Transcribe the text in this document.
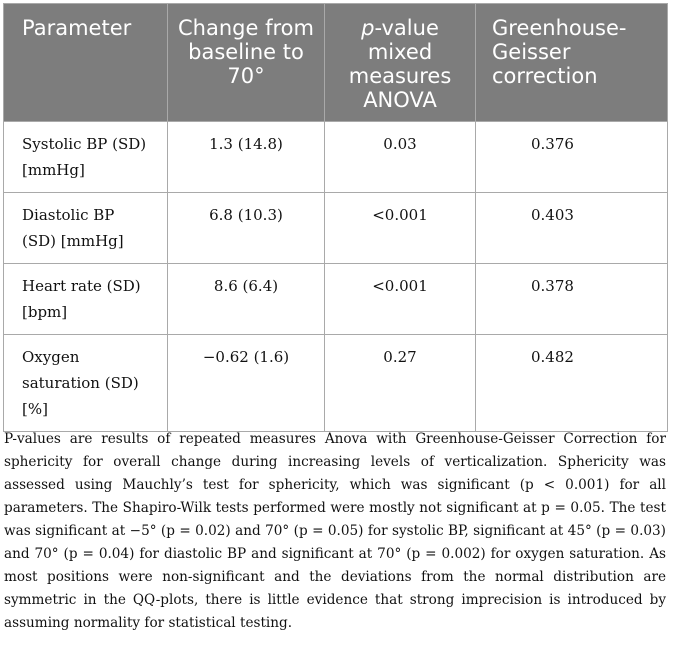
Parameter	Change from baseline to 70°	p-value mixed measures ANOVA	Greenhouse-Geisser correction

Systolic BP (SD) [mmHg]	1.3 (14.8)	0.03	0.376

Diastolic BP (SD) [mmHg]	6.8 (10.3)	<0.001	0.403

Heart rate (SD) [bpm]	8.6 (6.4)	<0.001	0.378

Oxygen saturation (SD) [%]	−0.62 (1.6)	0.27	0.482

P-values are results of repeated measures Anova with Greenhouse-Geisser Correction for sphericity for overall change during increasing levels of verticalization. Sphericity was assessed using Mauchly’s test for sphericity, which was significant (p < 0.001) for all parameters. The Shapiro-Wilk tests performed were mostly not significant at p = 0.05. The test was significant at −5° (p = 0.02) and 70° (p = 0.05) for systolic BP, significant at 45° (p = 0.03) and 70° (p = 0.04) for diastolic BP and significant at 70° (p = 0.002) for oxygen saturation. As most positions were non-significant and the deviations from the normal distribution are symmetric in the QQ-plots, there is little evidence that strong imprecision is introduced by assuming normality for statistical testing.
